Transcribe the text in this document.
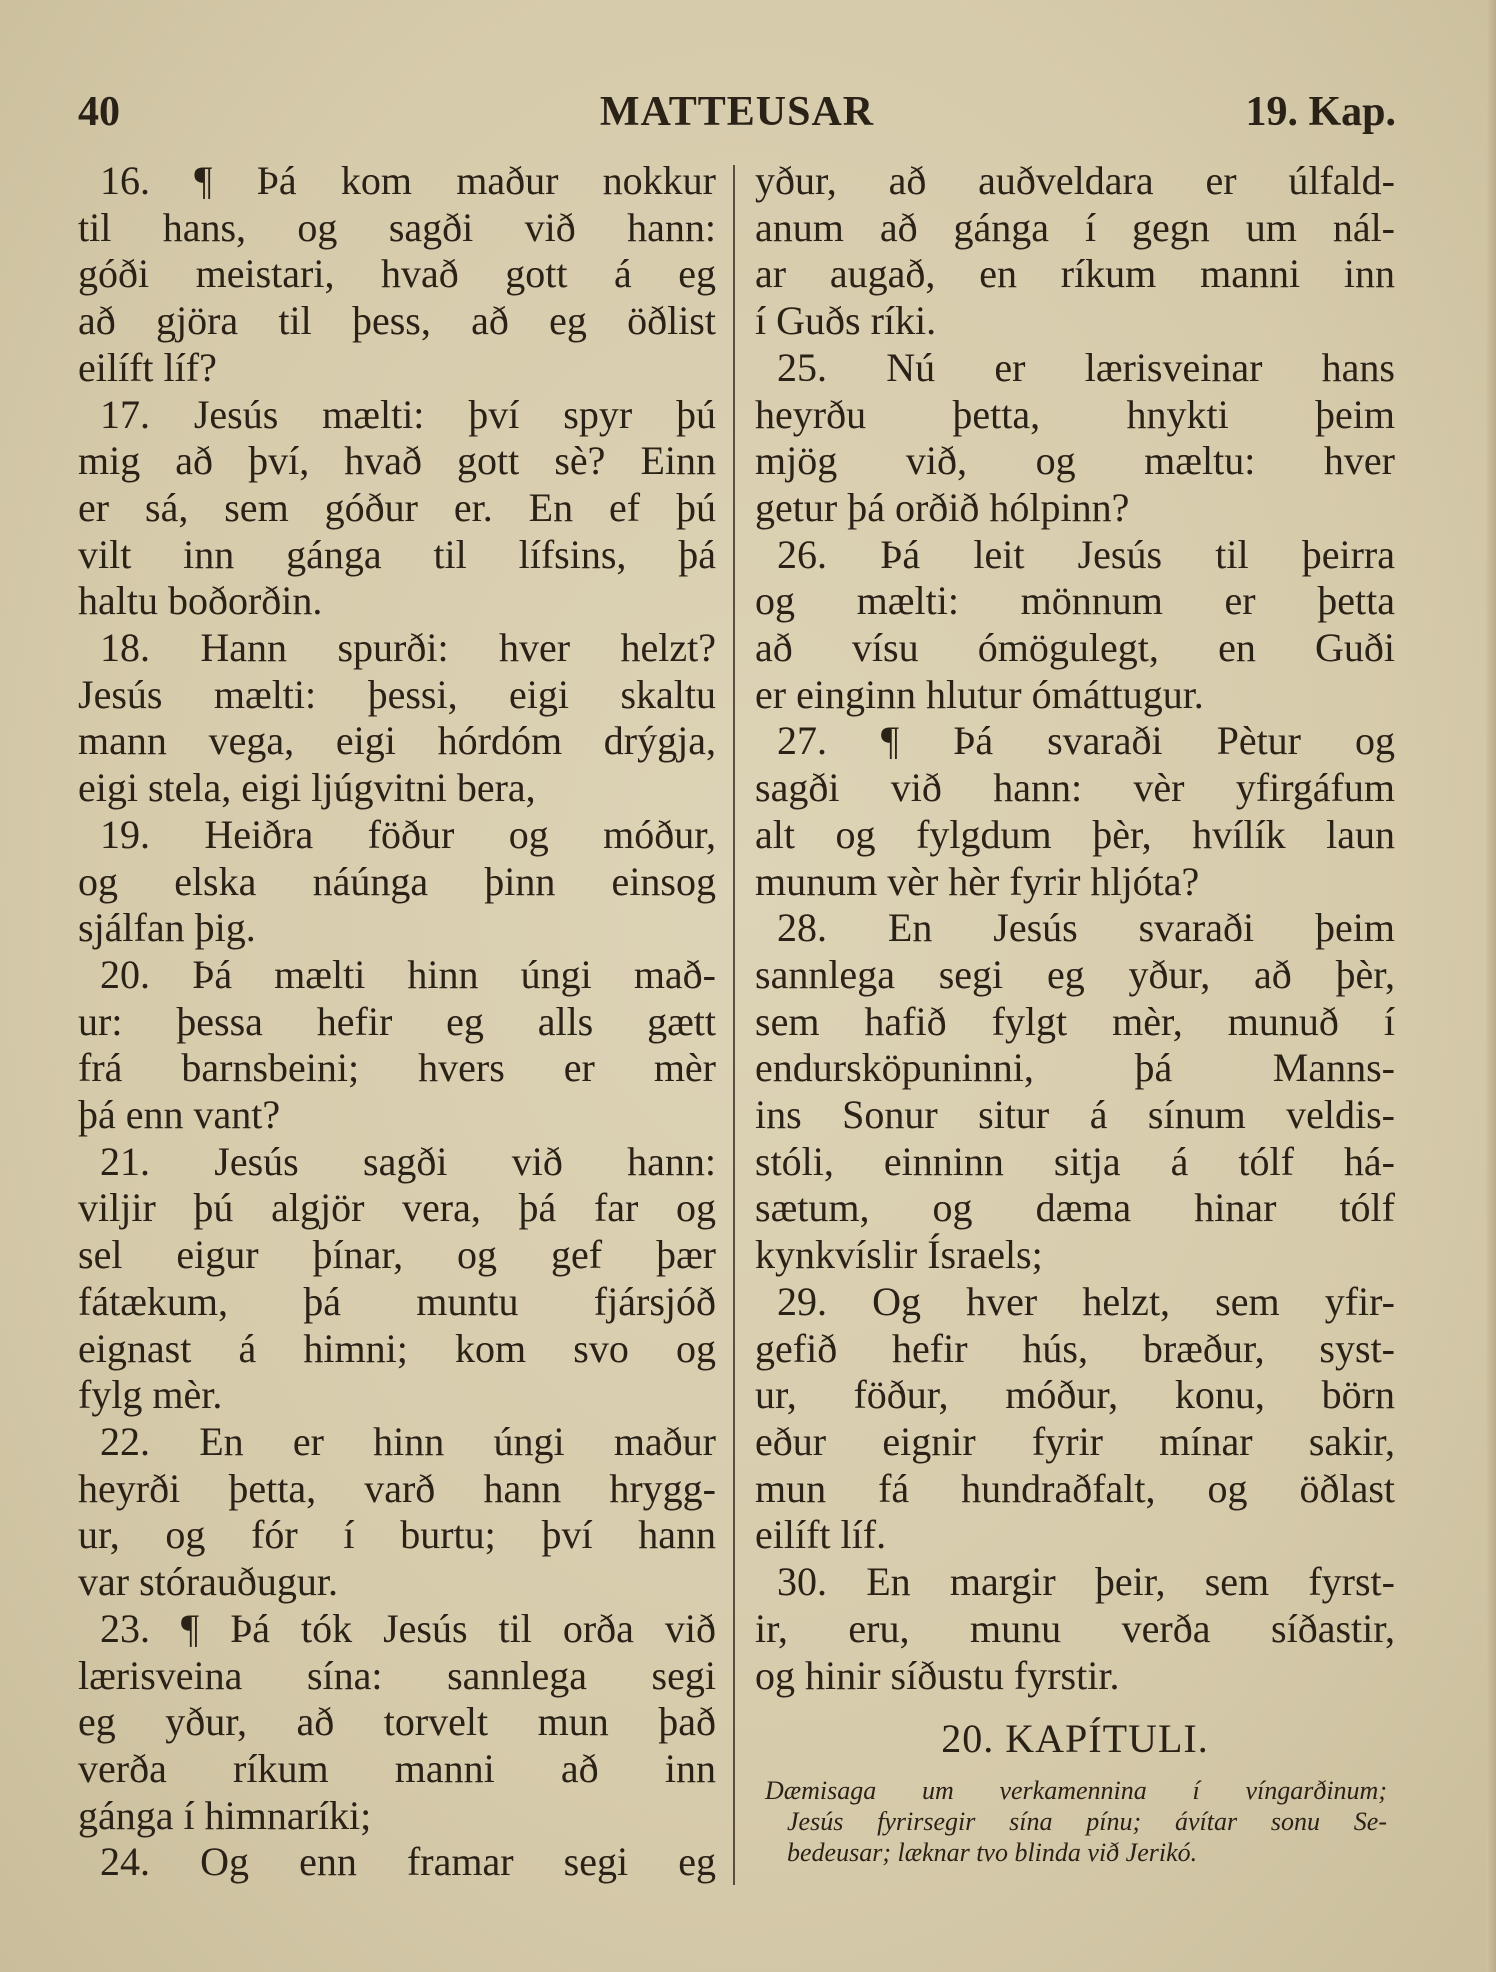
40	MATTEUSAR	19. Kap.
16. ¶ Þá kom maður nokkur
til hans, og sagði við hann:
góði meistari, hvað gott á eg
að gjöra til þess, að eg öðlist
eilíft líf?
17. Jesús mælti: því spyr þú
mig að því, hvað gott sè? Einn
er sá, sem góður er. En ef þú
vilt inn gánga til lífsins, þá
haltu boðorðin.
18. Hann spurði: hver helzt?
Jesús mælti: þessi, eigi skaltu
mann vega, eigi hórdóm drýgja,
eigi stela, eigi ljúgvitni bera,
19. Heiðra föður og móður,
og elska náúnga þinn einsog
sjálfan þig.
20. Þá mælti hinn úngi mað-
ur: þessa hefir eg alls gætt
frá barnsbeini; hvers er mèr
þá enn vant?
21. Jesús sagði við hann:
viljir þú algjör vera, þá far og
sel eigur þínar, og gef þær
fátækum, þá muntu fjársjóð
eignast á himni; kom svo og
fylg mèr.
22. En er hinn úngi maður
heyrði þetta, varð hann hrygg-
ur, og fór í burtu; því hann
var stórauðugur.
23. ¶ Þá tók Jesús til orða við
lærisveina sína: sannlega segi
eg yður, að torvelt mun það
verða ríkum manni að inn
gánga í himnaríki;
24. Og enn framar segi eg
yður, að auðveldara er úlfald-
anum að gánga í gegn um nál-
ar augað, en ríkum manni inn
í Guðs ríki.
25. Nú er lærisveinar hans
heyrðu þetta, hnykti þeim
mjög við, og mæltu: hver
getur þá orðið hólpinn?
26. Þá leit Jesús til þeirra
og mælti: mönnum er þetta
að vísu ómögulegt, en Guði
er einginn hlutur ómáttugur.
27. ¶ Þá svaraði Pètur og
sagði við hann: vèr yfirgáfum
alt og fylgdum þèr, hvílík laun
munum vèr hèr fyrir hljóta?
28. En Jesús svaraði þeim
sannlega segi eg yður, að þèr,
sem hafið fylgt mèr, munuð í
endursköpuninni, þá Manns-
ins Sonur situr á sínum veldis-
stóli, einninn sitja á tólf há-
sætum, og dæma hinar tólf
kynkvíslir Ísraels;
29. Og hver helzt, sem yfir-
gefið hefir hús, bræður, syst-
ur, föður, móður, konu, börn
eður eignir fyrir mínar sakir,
mun fá hundraðfalt, og öðlast
eilíft líf.
30. En margir þeir, sem fyrst-
ir, eru, munu verða síðastir,
og hinir síðustu fyrstir.
20. KAPÍTULI.
Dæmisaga um verkamennina í víngarðinum;
Jesús fyrirsegir sína pínu; ávítar sonu Se-
bedeusar; læknar tvo blinda við Jerikó.
